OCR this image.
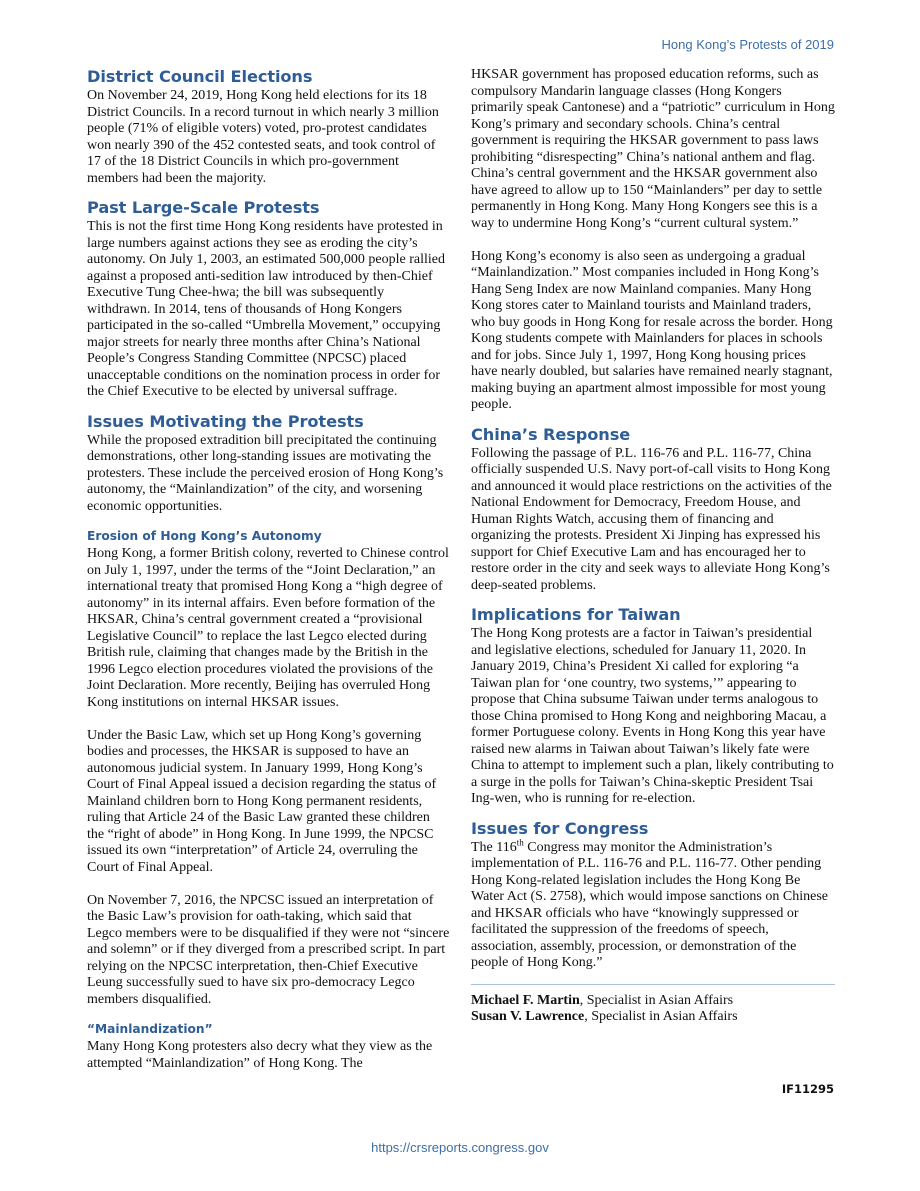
Hong Kong’s Protests of 2019
District Council Elections

On November 24, 2019, Hong Kong held elections for its 18 District Councils. In a record turnout in which nearly 3 million people (71% of eligible voters) voted, pro-protest candidates won nearly 390 of the 452 contested seats, and took control of 17 of the 18 District Councils in which pro-government members had been the majority.

Past Large-Scale Protests

This is not the first time Hong Kong residents have protested in large numbers against actions they see as eroding the city’s autonomy. On July 1, 2003, an estimated 500,000 people rallied against a proposed anti-sedition law introduced by then-Chief Executive Tung Chee-hwa; the bill was subsequently withdrawn. In 2014, tens of thousands of Hong Kongers participated in the so-called “Umbrella Movement,” occupying major streets for nearly three months after China’s National People’s Congress Standing Committee (NPCSC) placed unacceptable conditions on the nomination process in order for the Chief Executive to be elected by universal suffrage.

Issues Motivating the Protests

While the proposed extradition bill precipitated the continuing demonstrations, other long-standing issues are motivating the protesters. These include the perceived erosion of Hong Kong’s autonomy, the “Mainlandization” of the city, and worsening economic opportunities.

Erosion of Hong Kong’s Autonomy

Hong Kong, a former British colony, reverted to Chinese control on July 1, 1997, under the terms of the “Joint Declaration,” an international treaty that promised Hong Kong a “high degree of autonomy” in its internal affairs. Even before formation of the HKSAR, China’s central government created a “provisional Legislative Council” to replace the last Legco elected during British rule, claiming that changes made by the British in the 1996 Legco election procedures violated the provisions of the Joint Declaration. More recently, Beijing has overruled Hong Kong institutions on internal HKSAR issues.

Under the Basic Law, which set up Hong Kong’s governing bodies and processes, the HKSAR is supposed to have an autonomous judicial system. In January 1999, Hong Kong’s Court of Final Appeal issued a decision regarding the status of Mainland children born to Hong Kong permanent residents, ruling that Article 24 of the Basic Law granted these children the “right of abode” in Hong Kong. In June 1999, the NPCSC issued its own “interpretation” of Article 24, overruling the Court of Final Appeal.

On November 7, 2016, the NPCSC issued an interpretation of the Basic Law’s provision for oath-taking, which said that Legco members were to be disqualified if they were not “sincere and solemn” or if they diverged from a prescribed script. In part relying on the NPCSC interpretation, then-Chief Executive Leung successfully sued to have six pro-democracy Legco members disqualified.

“Mainlandization”

Many Hong Kong protesters also decry what they view as the attempted “Mainlandization” of Hong Kong. The

HKSAR government has proposed education reforms, such as compulsory Mandarin language classes (Hong Kongers primarily speak Cantonese) and a “patriotic” curriculum in Hong Kong’s primary and secondary schools. China’s central government is requiring the HKSAR government to pass laws prohibiting “disrespecting” China’s national anthem and flag. China’s central government and the HKSAR government also have agreed to allow up to 150 “Mainlanders” per day to settle permanently in Hong Kong. Many Hong Kongers see this is a way to undermine Hong Kong’s “current cultural system.”

Hong Kong’s economy is also seen as undergoing a gradual “Mainlandization.” Most companies included in Hong Kong’s Hang Seng Index are now Mainland companies. Many Hong Kong stores cater to Mainland tourists and Mainland traders, who buy goods in Hong Kong for resale across the border. Hong Kong students compete with Mainlanders for places in schools and for jobs. Since July 1, 1997, Hong Kong housing prices have nearly doubled, but salaries have remained nearly stagnant, making buying an apartment almost impossible for most young people.

China’s Response

Following the passage of P.L. 116-76 and P.L. 116-77, China officially suspended U.S. Navy port-of-call visits to Hong Kong and announced it would place restrictions on the activities of the National Endowment for Democracy, Freedom House, and Human Rights Watch, accusing them of financing and organizing the protests. President Xi Jinping has expressed his support for Chief Executive Lam and has encouraged her to restore order in the city and seek ways to alleviate Hong Kong’s deep-seated problems.

Implications for Taiwan

The Hong Kong protests are a factor in Taiwan’s presidential and legislative elections, scheduled for January 11, 2020. In January 2019, China’s President Xi called for exploring “a Taiwan plan for ‘one country, two systems,’” appearing to propose that China subsume Taiwan under terms analogous to those China promised to Hong Kong and neighboring Macau, a former Portuguese colony. Events in Hong Kong this year have raised new alarms in Taiwan about Taiwan’s likely fate were China to attempt to implement such a plan, likely contributing to a surge in the polls for Taiwan’s China-skeptic President Tsai Ing-wen, who is running for re-election.

Issues for Congress

The 116th Congress may monitor the Administration’s implementation of P.L. 116-76 and P.L. 116-77. Other pending Hong Kong-related legislation includes the Hong Kong Be Water Act (S. 2758), which would impose sanctions on Chinese and HKSAR officials who have “knowingly suppressed or facilitated the suppression of the freedoms of speech, association, assembly, procession, or demonstration of the people of Hong Kong.”

Michael F. Martin, Specialist in Asian Affairs

Susan V. Lawrence, Specialist in Asian Affairs

IF11295
https://crsreports.congress.gov
